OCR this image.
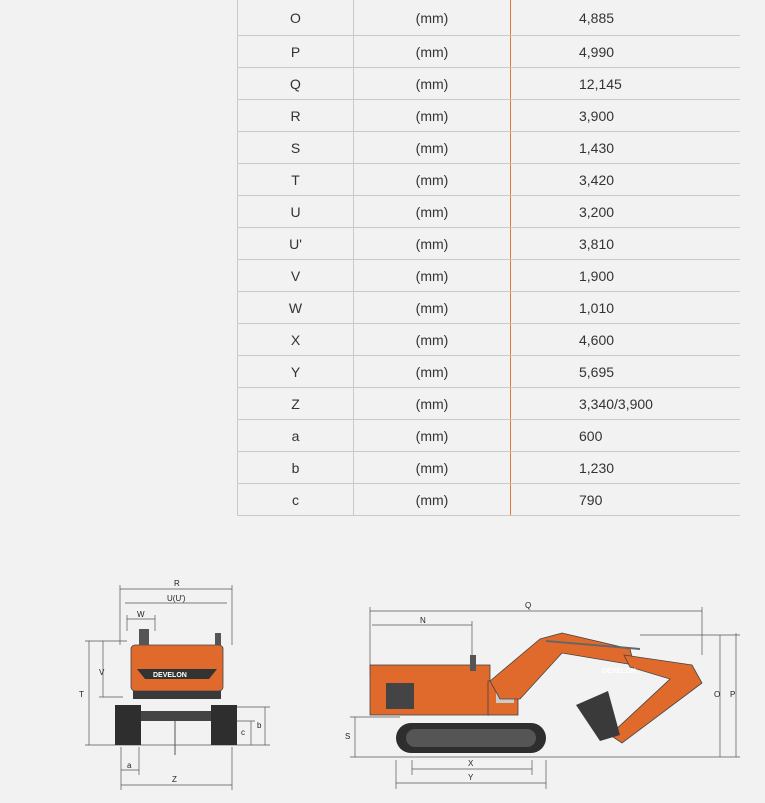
O	(mm)	4,885
P	(mm)	4,990
Q	(mm)	12,145
R	(mm)	3,900
S	(mm)	1,430
T	(mm)	3,420
U	(mm)	3,200
U'	(mm)	3,810
V	(mm)	1,900
W	(mm)	1,010
X	(mm)	4,600
Y	(mm)	5,695
Z	(mm)	3,340/3,900
a	(mm)	600
b	(mm)	1,230
c	(mm)	790
DEVELON
R
U(U')
W
V
T
b
c
a
Z
DEVELON
Q
N
O P
S
X
Y
